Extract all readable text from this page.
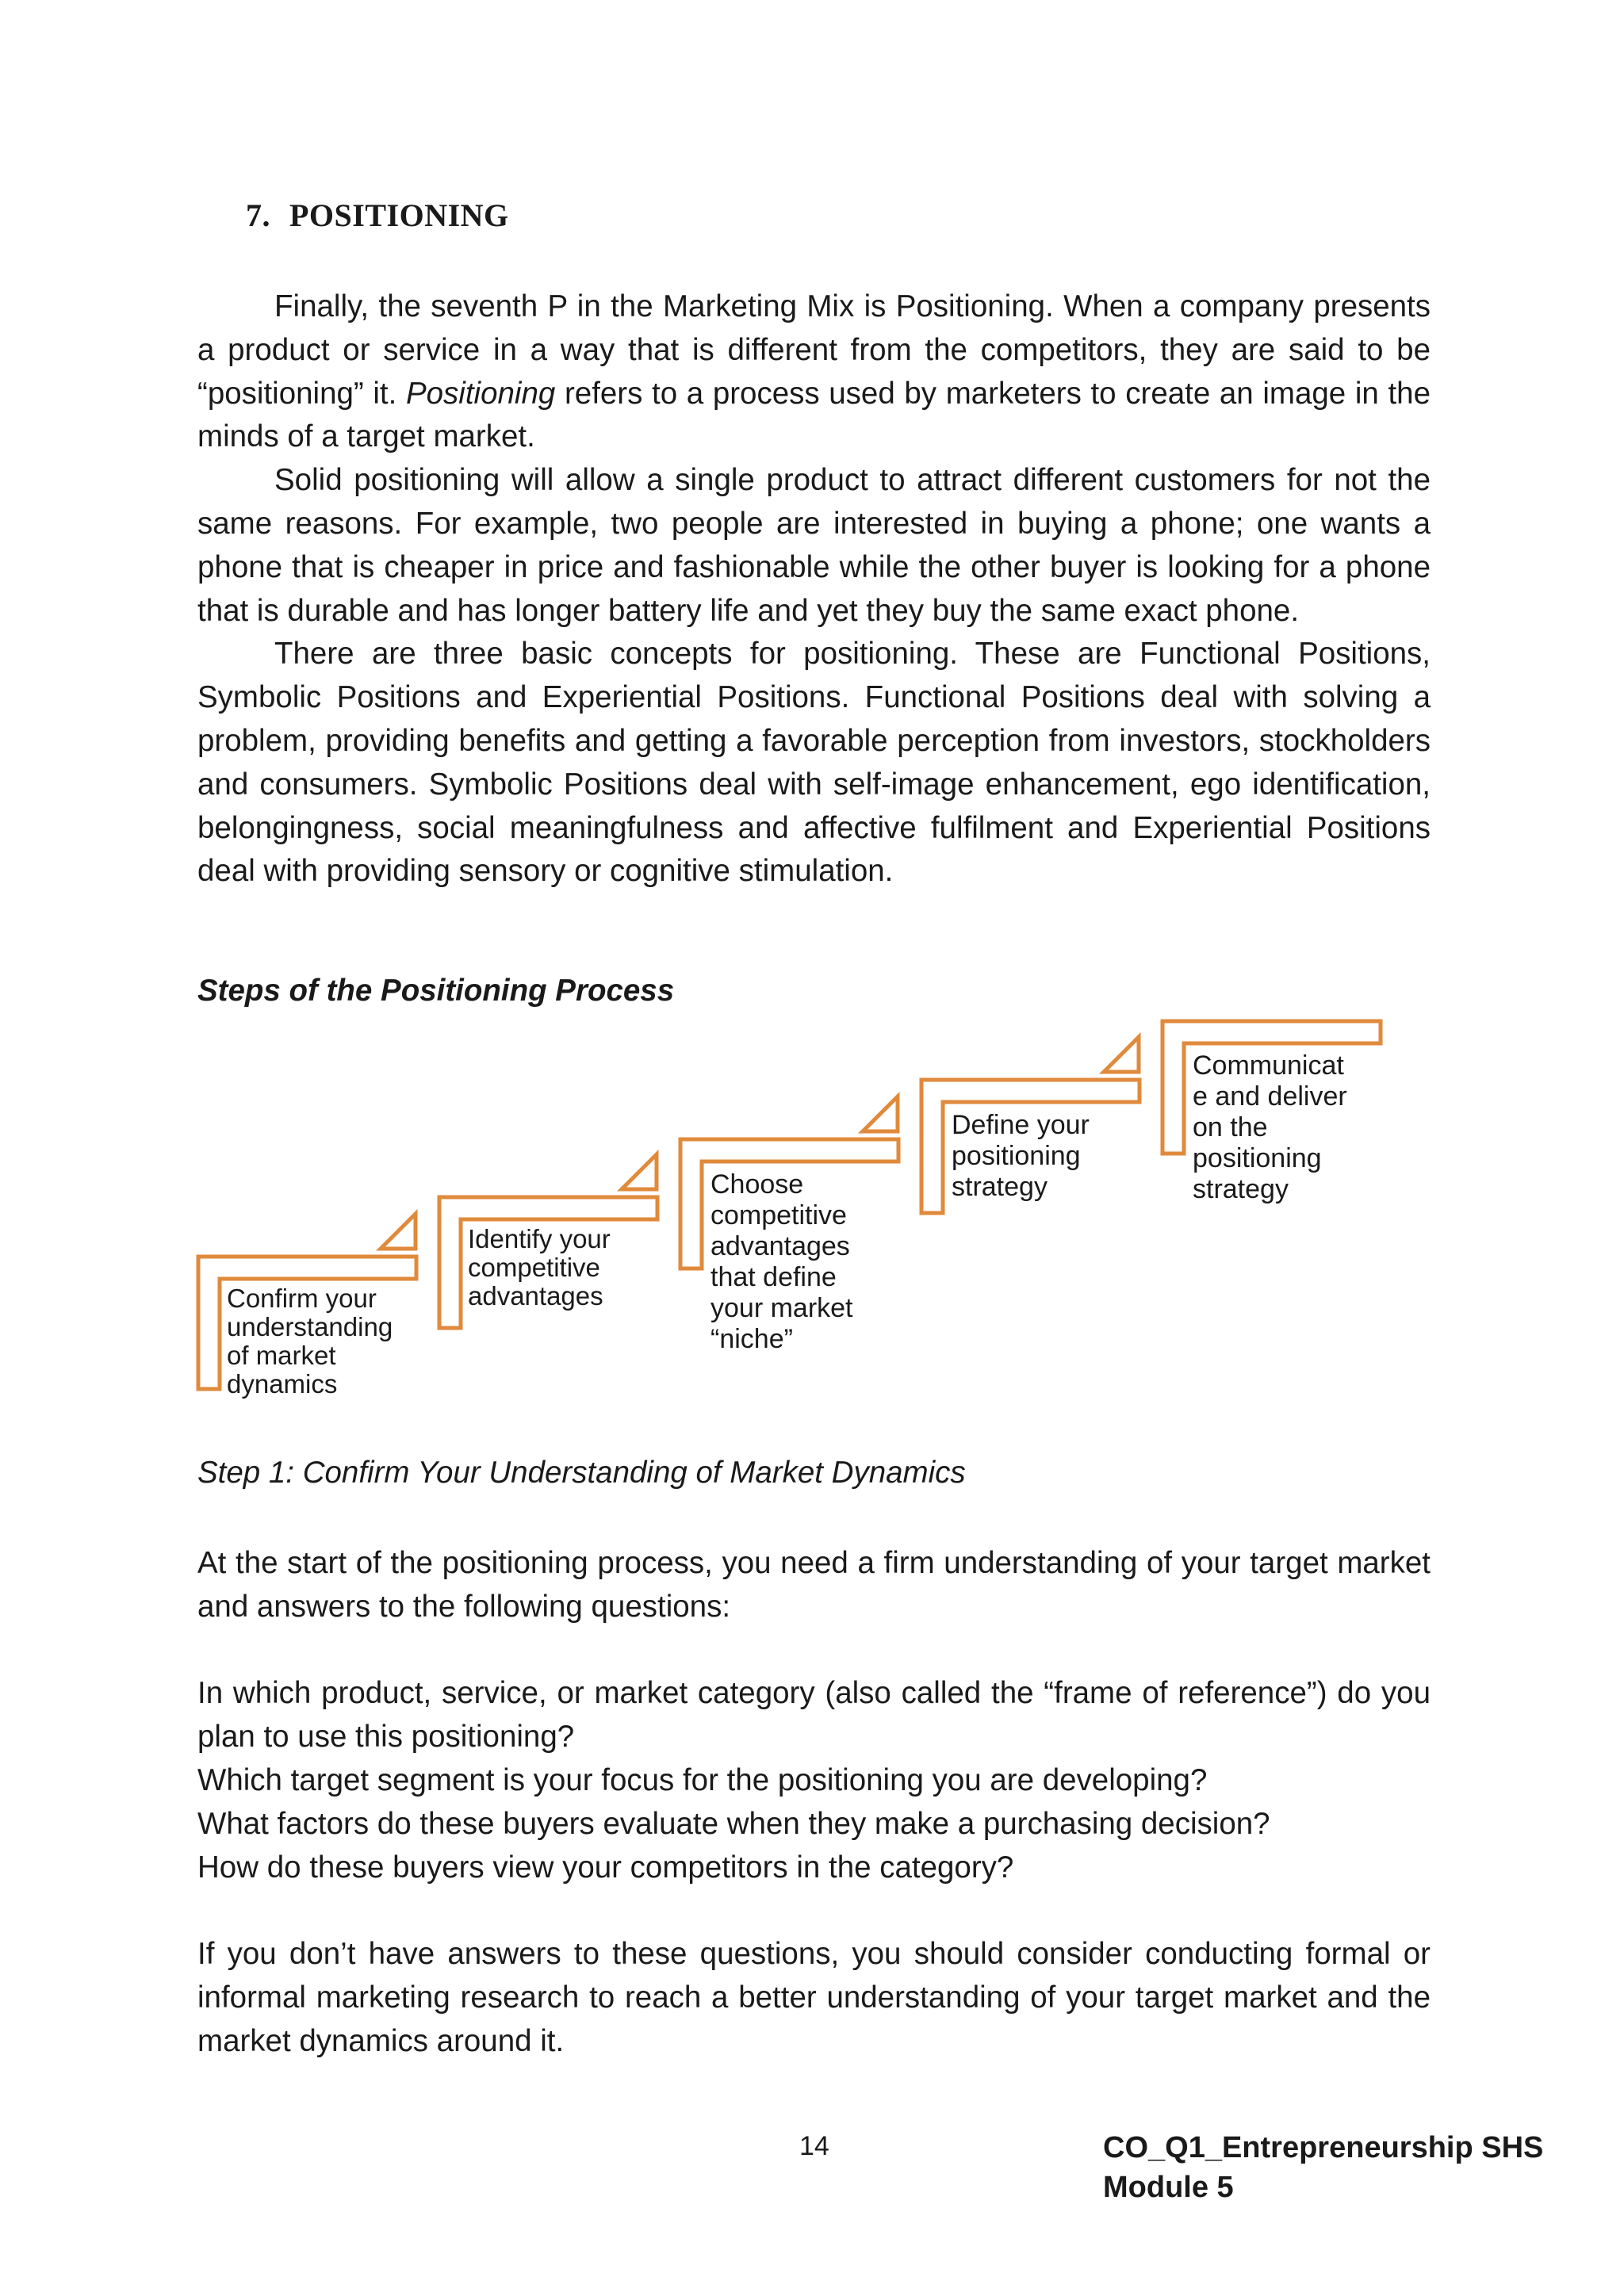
7. POSITIONING

Finally, the seventh P in the Marketing Mix is Positioning. When a company presents a product or service in a way that is different from the competitors, they are said to be “positioning” it. Positioning refers to a process used by marketers to create an image in the minds of a target market.

Solid positioning will allow a single product to attract different customers for not the same reasons. For example, two people are interested in buying a phone; one wants a phone that is cheaper in price and fashionable while the other buyer is looking for a phone that is durable and has longer battery life and yet they buy the same exact phone.

There are three basic concepts for positioning. These are Functional Positions, Symbolic Positions and Experiential Positions. Functional Positions deal with solving a problem, providing benefits and getting a favorable perception from investors, stockholders and consumers. Symbolic Positions deal with self-image enhancement, ego identification, belongingness, social meaningfulness and affective fulfilment and Experiential Positions deal with providing sensory or cognitive stimulation.

Steps of the Positioning Process
Confirm your
understanding
of market
dynamics
Identify your
competitive
advantages
Choose
competitive
advantages
that define
your market
“niche”
Define your
positioning
strategy
Communicat
e and deliver
on the
positioning
strategy
Step 1: Confirm Your Understanding of Market Dynamics

At the start of the positioning process, you need a firm understanding of your target market and answers to the following questions:

In which product, service, or market category (also called the “frame of reference”) do you plan to use this positioning?

Which target segment is your focus for the positioning you are developing?

What factors do these buyers evaluate when they make a purchasing decision?

How do these buyers view your competitors in the category?

If you don’t have answers to these questions, you should consider conducting formal or informal marketing research to reach a better understanding of your target market and the market dynamics around it.

14	CO_Q1_Entrepreneurship SHS
Module 5
